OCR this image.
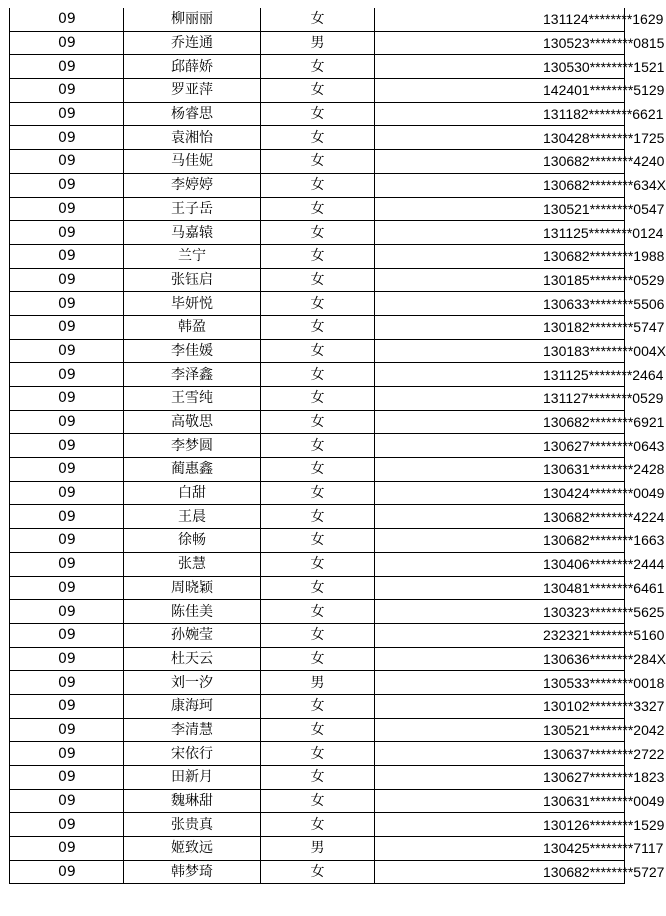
09	柳丽丽	女	131124********1629
09	乔连通	男	130523********0815
09	邱薛娇	女	130530********1521
09	罗亚萍	女	142401********5129
09	杨睿思	女	131182********6621
09	袁湘怡	女	130428********1725
09	马佳妮	女	130682********4240
09	李婷婷	女	130682********634X
09	王子岳	女	130521********0547
09	马嘉辕	女	131125********0124
09	兰宁	女	130682********1988
09	张钰启	女	130185********0529
09	毕妍悦	女	130633********5506
09	韩盈	女	130182********5747
09	李佳媛	女	130183********004X
09	李泽鑫	女	131125********2464
09	王雪纯	女	131127********0529
09	高敬思	女	130682********6921
09	李梦圆	女	130627********0643
09	蔺惠鑫	女	130631********2428
09	白甜	女	130424********0049
09	王晨	女	130682********4224
09	徐畅	女	130682********1663
09	张慧	女	130406********2444
09	周晓颖	女	130481********6461
09	陈佳美	女	130323********5625
09	孙婉莹	女	232321********5160
09	杜天云	女	130636********284X
09	刘一汐	男	130533********0018
09	康海珂	女	130102********3327
09	李清慧	女	130521********2042
09	宋依行	女	130637********2722
09	田新月	女	130627********1823
09	魏琳甜	女	130631********0049
09	张贵真	女	130126********1529
09	姬致远	男	130425********7117
09	韩梦琦	女	130682********5727
